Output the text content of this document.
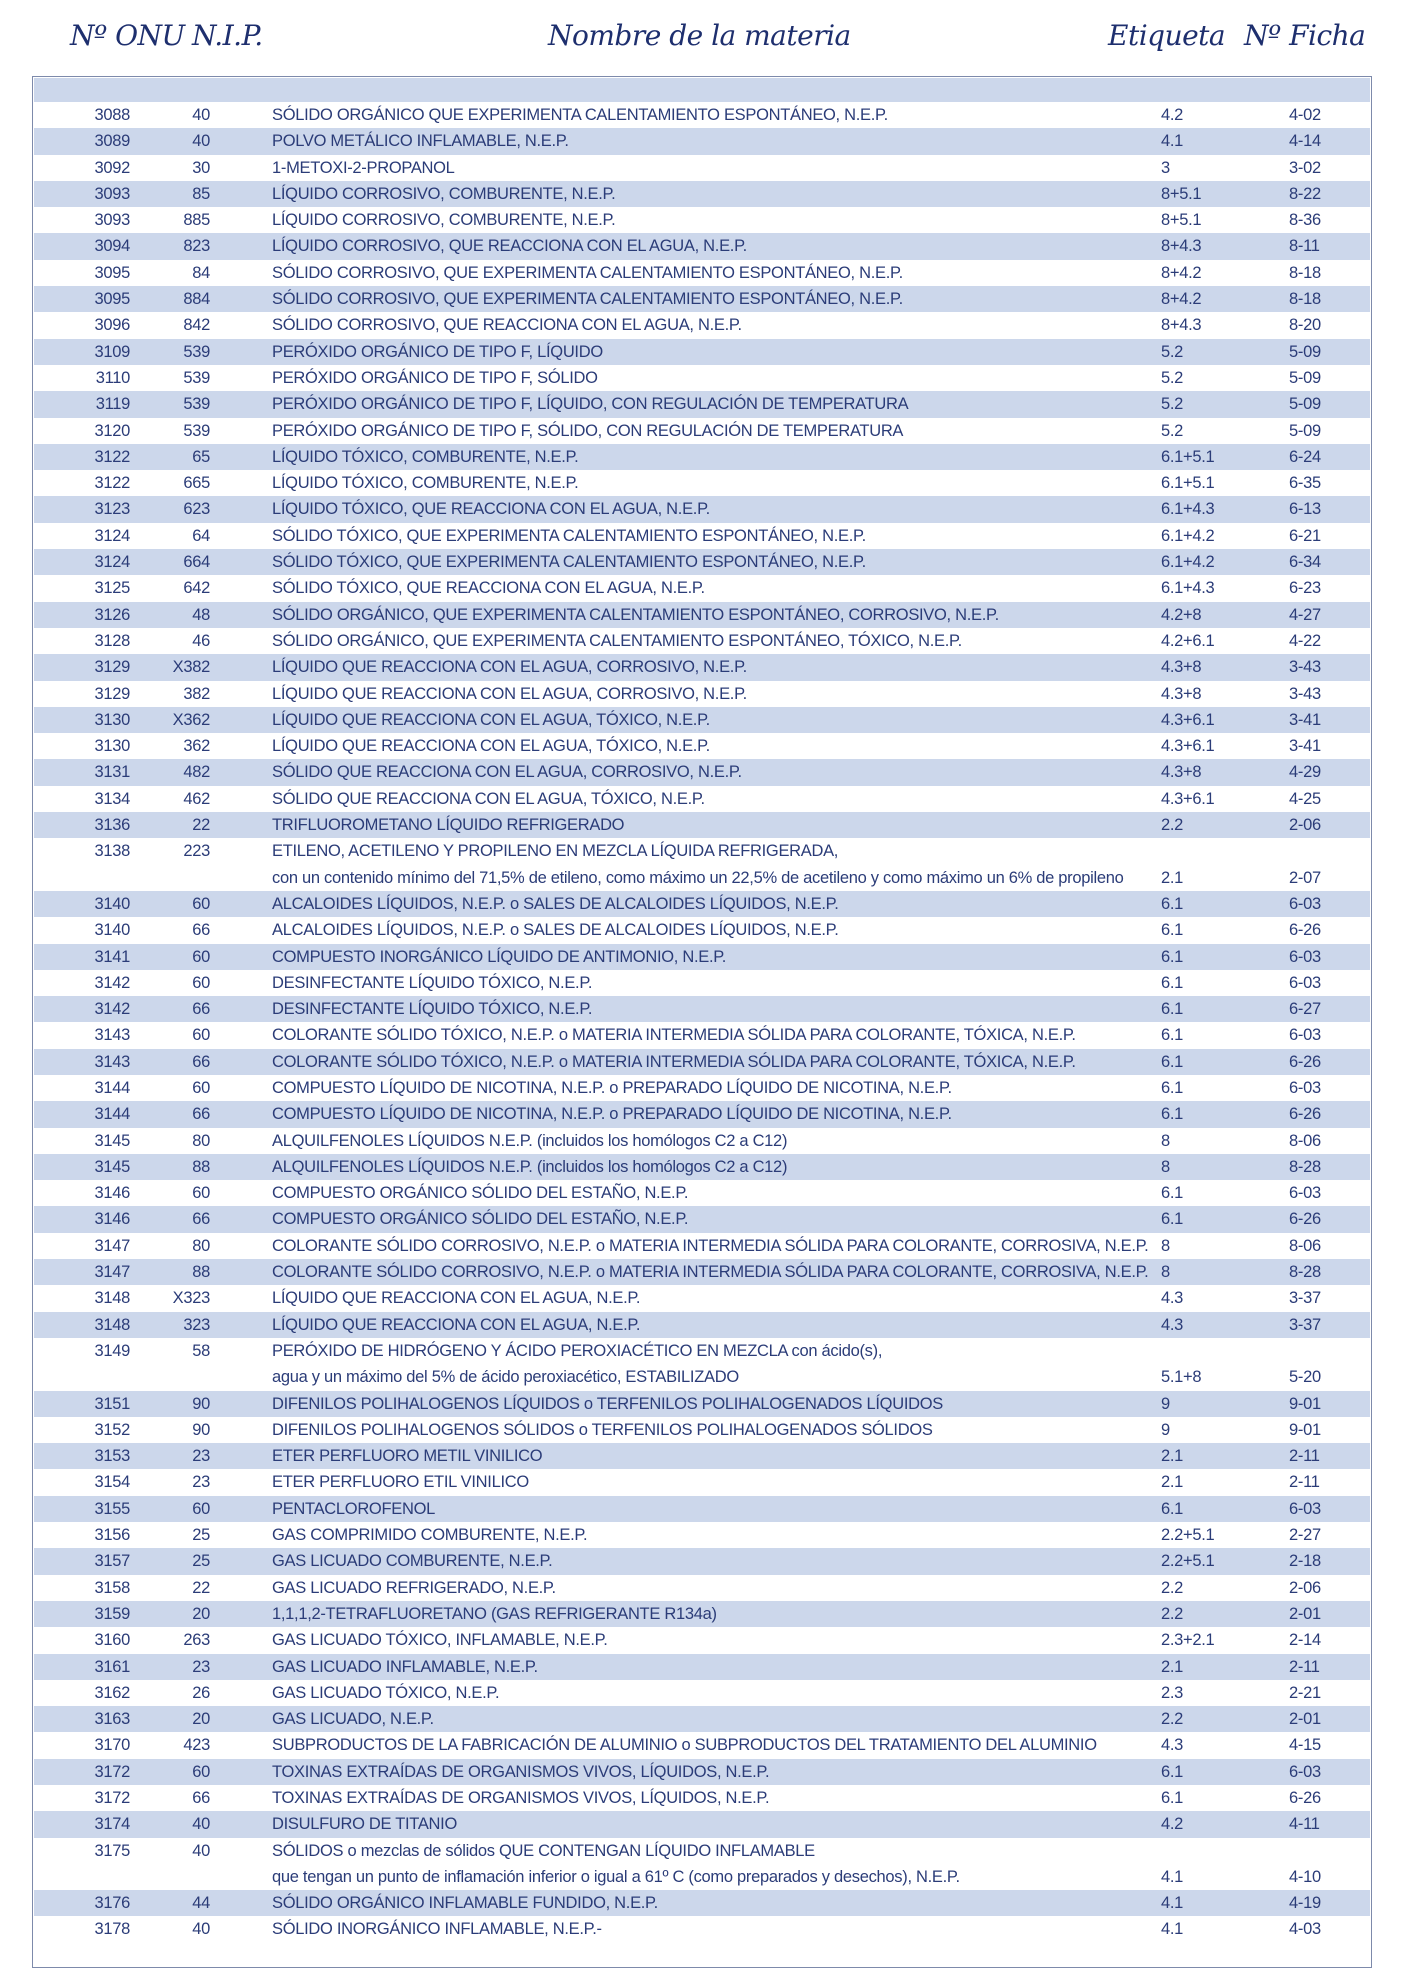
Nº ONU N.I.P.	Nombre de la materia	Etiqueta Nº Ficha
3088	40	SÓLIDO ORGÁNICO QUE EXPERIMENTA CALENTAMIENTO ESPONTÁNEO, N.E.P.	4.2	4-02
3089	40	POLVO METÁLICO INFLAMABLE, N.E.P.	4.1	4-14
3092	30	1-METOXI-2-PROPANOL	3	3-02
3093	85	LÍQUIDO CORROSIVO, COMBURENTE, N.E.P.	8+5.1	8-22
3093	885	LÍQUIDO CORROSIVO, COMBURENTE, N.E.P.	8+5.1	8-36
3094	823	LÍQUIDO CORROSIVO, QUE REACCIONA CON EL AGUA, N.E.P.	8+4.3	8-11
3095	84	SÓLIDO CORROSIVO, QUE EXPERIMENTA CALENTAMIENTO ESPONTÁNEO, N.E.P.	8+4.2	8-18
3095	884	SÓLIDO CORROSIVO, QUE EXPERIMENTA CALENTAMIENTO ESPONTÁNEO, N.E.P.	8+4.2	8-18
3096	842	SÓLIDO CORROSIVO, QUE REACCIONA CON EL AGUA, N.E.P.	8+4.3	8-20
3109	539	PERÓXIDO ORGÁNICO DE TIPO F, LÍQUIDO	5.2	5-09
3110	539	PERÓXIDO ORGÁNICO DE TIPO F, SÓLIDO	5.2	5-09
3119	539	PERÓXIDO ORGÁNICO DE TIPO F, LÍQUIDO, CON REGULACIÓN DE TEMPERATURA	5.2	5-09
3120	539	PERÓXIDO ORGÁNICO DE TIPO F, SÓLIDO, CON REGULACIÓN DE TEMPERATURA	5.2	5-09
3122	65	LÍQUIDO TÓXICO, COMBURENTE, N.E.P.	6.1+5.1	6-24
3122	665	LÍQUIDO TÓXICO, COMBURENTE, N.E.P.	6.1+5.1	6-35
3123	623	LÍQUIDO TÓXICO, QUE REACCIONA CON EL AGUA, N.E.P.	6.1+4.3	6-13
3124	64	SÓLIDO TÓXICO, QUE EXPERIMENTA CALENTAMIENTO ESPONTÁNEO, N.E.P.	6.1+4.2	6-21
3124	664	SÓLIDO TÓXICO, QUE EXPERIMENTA CALENTAMIENTO ESPONTÁNEO, N.E.P.	6.1+4.2	6-34
3125	642	SÓLIDO TÓXICO, QUE REACCIONA CON EL AGUA, N.E.P.	6.1+4.3	6-23
3126	48	SÓLIDO ORGÁNICO, QUE EXPERIMENTA CALENTAMIENTO ESPONTÁNEO, CORROSIVO, N.E.P.	4.2+8	4-27
3128	46	SÓLIDO ORGÁNICO, QUE EXPERIMENTA CALENTAMIENTO ESPONTÁNEO, TÓXICO, N.E.P.	4.2+6.1	4-22
3129	X382	LÍQUIDO QUE REACCIONA CON EL AGUA, CORROSIVO, N.E.P.	4.3+8	3-43
3129	382	LÍQUIDO QUE REACCIONA CON EL AGUA, CORROSIVO, N.E.P.	4.3+8	3-43
3130	X362	LÍQUIDO QUE REACCIONA CON EL AGUA, TÓXICO, N.E.P.	4.3+6.1	3-41
3130	362	LÍQUIDO QUE REACCIONA CON EL AGUA, TÓXICO, N.E.P.	4.3+6.1	3-41
3131	482	SÓLIDO QUE REACCIONA CON EL AGUA, CORROSIVO, N.E.P.	4.3+8	4-29
3134	462	SÓLIDO QUE REACCIONA CON EL AGUA, TÓXICO, N.E.P.	4.3+6.1	4-25
3136	22	TRIFLUOROMETANO LÍQUIDO REFRIGERADO	2.2	2-06
3138	223	ETILENO, ACETILENO Y PROPILENO EN MEZCLA LÍQUIDA REFRIGERADA,
con un contenido mínimo del 71,5% de etileno, como máximo un 22,5% de acetileno y como máximo un 6% de propileno 2.1	2-07
3140	60	ALCALOIDES LÍQUIDOS, N.E.P. o SALES DE ALCALOIDES LÍQUIDOS, N.E.P.	6.1	6-03
3140	66	ALCALOIDES LÍQUIDOS, N.E.P. o SALES DE ALCALOIDES LÍQUIDOS, N.E.P.	6.1	6-26
3141	60	COMPUESTO INORGÁNICO LÍQUIDO DE ANTIMONIO, N.E.P.	6.1	6-03
3142	60	DESINFECTANTE LÍQUIDO TÓXICO, N.E.P.	6.1	6-03
3142	66	DESINFECTANTE LÍQUIDO TÓXICO, N.E.P.	6.1	6-27
3143	60	COLORANTE SÓLIDO TÓXICO, N.E.P. o MATERIA INTERMEDIA SÓLIDA PARA COLORANTE, TÓXICA, N.E.P.	6.1	6-03
3143	66	COLORANTE SÓLIDO TÓXICO, N.E.P. o MATERIA INTERMEDIA SÓLIDA PARA COLORANTE, TÓXICA, N.E.P.	6.1	6-26
3144	60	COMPUESTO LÍQUIDO DE NICOTINA, N.E.P. o PREPARADO LÍQUIDO DE NICOTINA, N.E.P.	6.1	6-03
3144	66	COMPUESTO LÍQUIDO DE NICOTINA, N.E.P. o PREPARADO LÍQUIDO DE NICOTINA, N.E.P.	6.1	6-26
3145	80	ALQUILFENOLES LÍQUIDOS N.E.P. (incluidos los homólogos C2 a C12)	8	8-06
3145	88	ALQUILFENOLES LÍQUIDOS N.E.P. (incluidos los homólogos C2 a C12)	8	8-28
3146	60	COMPUESTO ORGÁNICO SÓLIDO DEL ESTAÑO, N.E.P.	6.1	6-03
3146	66	COMPUESTO ORGÁNICO SÓLIDO DEL ESTAÑO, N.E.P.	6.1	6-26
3147	80	COLORANTE SÓLIDO CORROSIVO, N.E.P. o MATERIA INTERMEDIA SÓLIDA PARA COLORANTE, CORROSIVA, N.E.P. 8	8-06
3147	88	COLORANTE SÓLIDO CORROSIVO, N.E.P. o MATERIA INTERMEDIA SÓLIDA PARA COLORANTE, CORROSIVA, N.E.P. 8	8-28
3148	X323	LÍQUIDO QUE REACCIONA CON EL AGUA, N.E.P.	4.3	3-37
3148	323	LÍQUIDO QUE REACCIONA CON EL AGUA, N.E.P.	4.3	3-37
3149	58	PERÓXIDO DE HIDRÓGENO Y ÁCIDO PEROXIACÉTICO EN MEZCLA con ácido(s),
agua y un máximo del 5% de ácido peroxiacético, ESTABILIZADO	5.1+8	5-20
3151	90	DIFENILOS POLIHALOGENOS LÍQUIDOS o TERFENILOS POLIHALOGENADOS LÍQUIDOS	9	9-01
3152	90	DIFENILOS POLIHALOGENOS SÓLIDOS o TERFENILOS POLIHALOGENADOS SÓLIDOS	9	9-01
3153	23	ETER PERFLUORO METIL VINILICO	2.1	2-11
3154	23	ETER PERFLUORO ETIL VINILICO	2.1	2-11
3155	60	PENTACLOROFENOL	6.1	6-03
3156	25	GAS COMPRIMIDO COMBURENTE, N.E.P.	2.2+5.1	2-27
3157	25	GAS LICUADO COMBURENTE, N.E.P.	2.2+5.1	2-18
3158	22	GAS LICUADO REFRIGERADO, N.E.P.	2.2	2-06
3159	20	1,1,1,2-TETRAFLUORETANO (GAS REFRIGERANTE R134a)	2.2	2-01
3160	263	GAS LICUADO TÓXICO, INFLAMABLE, N.E.P.	2.3+2.1	2-14
3161	23	GAS LICUADO INFLAMABLE, N.E.P.	2.1	2-11
3162	26	GAS LICUADO TÓXICO, N.E.P.	2.3	2-21
3163	20	GAS LICUADO, N.E.P.	2.2	2-01
3170	423	SUBPRODUCTOS DE LA FABRICACIÓN DE ALUMINIO o SUBPRODUCTOS DEL TRATAMIENTO DEL ALUMINIO	4.3	4-15
3172	60	TOXINAS EXTRAÍDAS DE ORGANISMOS VIVOS, LÍQUIDOS, N.E.P.	6.1	6-03
3172	66	TOXINAS EXTRAÍDAS DE ORGANISMOS VIVOS, LÍQUIDOS, N.E.P.	6.1	6-26
3174	40	DISULFURO DE TITANIO	4.2	4-11
3175	40	SÓLIDOS o mezclas de sólidos QUE CONTENGAN LÍQUIDO INFLAMABLE
que tengan un punto de inflamación inferior o igual a 61º C (como preparados y desechos), N.E.P.	4.1	4-10
3176	44	SÓLIDO ORGÁNICO INFLAMABLE FUNDIDO, N.E.P.	4.1	4-19
3178	40	SÓLIDO INORGÁNICO INFLAMABLE, N.E.P.-	4.1	4-03
